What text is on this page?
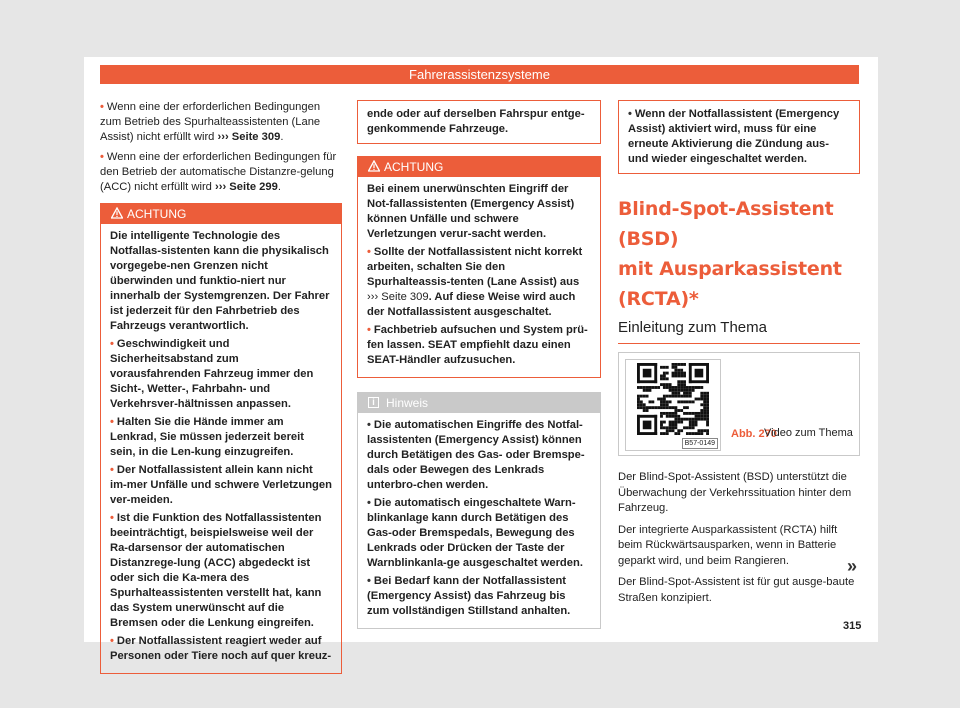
Fahrerassistenzsysteme

• Wenn eine der erforderlichen Bedingungen zum Betrieb des Spurhalteassistenten (Lane Assist) nicht erfüllt wird ››› Seite 309.

• Wenn eine der erforderlichen Bedingungen für den Betrieb der automatische Distanzre-gelung (ACC) nicht erfüllt wird ››› Seite 299.

ACHTUNG

Die intelligente Technologie des Notfallas-sistenten kann die physikalisch vorgegebe-nen Grenzen nicht überwinden und funktio-niert nur innerhalb der Systemgrenzen. Der Fahrer ist jederzeit für den Fahrbetrieb des Fahrzeugs verantwortlich.

• Geschwindigkeit und Sicherheitsabstand zum vorausfahrenden Fahrzeug immer den Sicht-, Wetter-, Fahrbahn- und Verkehrsver-hältnissen anpassen.

• Halten Sie die Hände immer am Lenkrad, Sie müssen jederzeit bereit sein, in die Len-kung einzugreifen.

• Der Notfallassistent allein kann nicht im-mer Unfälle und schwere Verletzungen ver-meiden.

• Ist die Funktion des Notfallassistenten beeinträchtigt, beispielsweise weil der Ra-darsensor der automatischen Distanzrege-lung (ACC) abgedeckt ist oder sich die Ka-mera des Spurhalteassistenten verstellt hat, kann das System unerwünscht auf die Bremsen oder die Lenkung eingreifen.

• Der Notfallassistent reagiert weder auf Personen oder Tiere noch auf quer kreuz-

ende oder auf derselben Fahrspur entge-genkommende Fahrzeuge.
ACHTUNG

Bei einem unerwünschten Eingriff der Not-fallassistenten (Emergency Assist) können Unfälle und schwere Verletzungen verur-sacht werden.

• Sollte der Notfallassistent nicht korrekt arbeiten, schalten Sie den Spurhalteassis-tenten (Lane Assist) aus ››› Seite 309. Auf diese Weise wird auch der Notfallassistent ausgeschaltet.

• Fachbetrieb aufsuchen und System prü-fen lassen. SEAT empfiehlt dazu einen SEAT-Händler aufzusuchen.

i Hinweis

• Die automatischen Eingriffe des Notfal-lassistenten (Emergency Assist) können durch Betätigen des Gas- oder Bremspe-dals oder Bewegen des Lenkrads unterbro-chen werden.

• Die automatisch eingeschaltete Warn-blinkanlage kann durch Betätigen des Gas-oder Bremspedals, Bewegung des Lenkrads oder Drücken der Taste der Warnblinkanla-ge ausgeschaltet werden.

• Bei Bedarf kann der Notfallassistent (Emergency Assist) das Fahrzeug bis zum vollständigen Stillstand anhalten.

• Wenn der Notfallassistent (Emergency Assist) aktiviert wird, muss für eine erneute Aktivierung die Zündung aus- und wieder eingeschaltet werden.
Blind-Spot-Assistent (BSD)
mit Ausparkassistent
(RCTA)*
Einleitung zum Thema
B57-0149
Abb. 270
Video zum Thema

Der Blind-Spot-Assistent (BSD) unterstützt die Überwachung der Verkehrssituation hinter dem Fahrzeug.

Der integrierte Ausparkassistent (RCTA) hilft beim Rückwärtsausparken, wenn in Batterie geparkt wird, und beim Rangieren.

Der Blind-Spot-Assistent ist für gut ausge-baute Straßen konzipiert.

»
315
